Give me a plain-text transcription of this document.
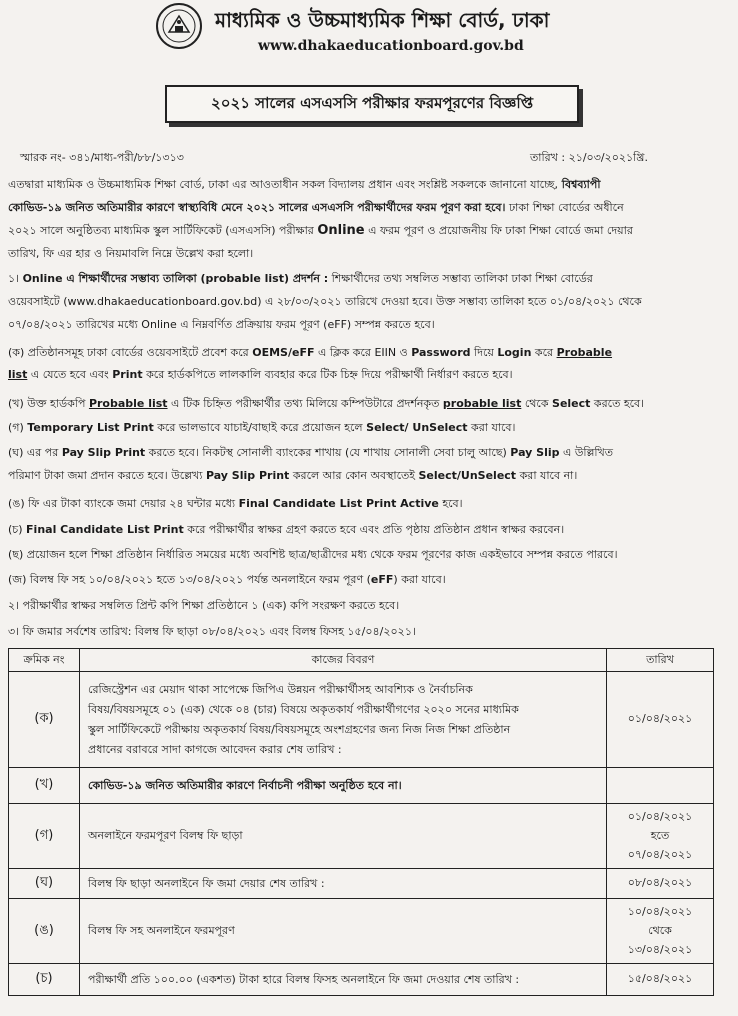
মাধ্যমিক ও উচ্চমাধ্যমিক শিক্ষা বোর্ড, ঢাকা
www.dhakaeducationboard.gov.bd
২০২১ সালের এসএসসি পরীক্ষার ফরমপূরণের বিজ্ঞপ্তি
স্মারক নং- ৩৪১/মাধ্য-পরী/৮৮/১৩১৩	তারিখ : ২১/০৩/২০২১খ্রি.
এতদ্বারা মাধ্যমিক ও উচ্চমাধ্যমিক শিক্ষা বোর্ড, ঢাকা এর আওতাধীন সকল বিদ্যালয় প্রধান এবং সংশ্লিষ্ট সকলকে জানানো যাচ্ছে, বিশ্বব্যাপী
কোভিড-১৯ জনিত অতিমারীর কারণে স্বাস্থ্যবিধি মেনে ২০২১ সালের এসএসসি পরীক্ষার্থীদের ফরম পূরণ করা হবে। ঢাকা শিক্ষা বোর্ডের অধীনে
২০২১ সালে অনুষ্ঠিতব্য মাধ্যমিক স্কুল সার্টিফিকেট (এসএসসি) পরীক্ষার Online এ ফরম পূরণ ও প্রয়োজনীয় ফি ঢাকা শিক্ষা বোর্ডে জমা দেয়ার
তারিখ, ফি এর হার ও নিয়মাবলি নিম্নে উল্লেখ করা হলো।
১। Online এ শিক্ষার্থীদের সম্ভাব্য তালিকা (probable list) প্রদর্শন : শিক্ষার্থীদের তথ্য সম্বলিত সম্ভাব্য তালিকা ঢাকা শিক্ষা বোর্ডের
ওয়েবসাইটে (www.dhakaeducationboard.gov.bd) এ ২৮/০৩/২০২১ তারিখে দেওয়া হবে। উক্ত সম্ভাব্য তালিকা হতে ০১/০৪/২০২১ থেকে
০৭/০৪/২০২১ তারিখের মধ্যে Online এ নিম্নবর্ণিত প্রক্রিয়ায় ফরম পূরণ (eFF) সম্পন্ন করতে হবে।
(ক) প্রতিষ্ঠানসমূহ ঢাকা বোর্ডের ওয়েবসাইটে প্রবেশ করে OEMS/eFF এ ক্লিক করে EIIN ও Password দিয়ে Login করে Probable
list এ যেতে হবে এবং Print করে হার্ডকপিতে লালকালি ব্যবহার করে টিক চিহ্ন দিয়ে পরীক্ষার্থী নির্ধারণ করতে হবে।
(খ) উক্ত হার্ডকপি Probable list এ টিক চিহ্নিত পরীক্ষার্থীর তথ্য মিলিয়ে কম্পিউটারে প্রদর্শনকৃত probable list থেকে Select করতে হবে।
(গ) Temporary List Print করে ভালভাবে যাচাই/বাছাই করে প্রয়োজন হলে Select/ UnSelect করা যাবে।
(ঘ) এর পর Pay Slip Print করতে হবে। নিকটস্থ সোনালী ব্যাংকের শাখায় (যে শাখায় সোনালী সেবা চালু আছে) Pay Slip এ উল্লিখিত
পরিমাণ টাকা জমা প্রদান করতে হবে। উল্লেখ্য Pay Slip Print করলে আর কোন অবস্থাতেই Select/UnSelect করা যাবে না।
(ঙ) ফি এর টাকা ব্যাংকে জমা দেয়ার ২৪ ঘন্টার মধ্যে Final Candidate List Print Active হবে।
(চ) Final Candidate List Print করে পরীক্ষার্থীর স্বাক্ষর গ্রহণ করতে হবে এবং প্রতি পৃষ্ঠায় প্রতিষ্ঠান প্রধান স্বাক্ষর করবেন।
(ছ) প্রয়োজন হলে শিক্ষা প্রতিষ্ঠান নির্ধারিত সময়ের মধ্যে অবশিষ্ট ছাত্র/ছাত্রীদের মধ্য থেকে ফরম পূরণের কাজ একইভাবে সম্পন্ন করতে পারবে।
(জ) বিলম্ব ফি সহ ১০/০৪/২০২১ হতে ১৩/০৪/২০২১ পর্যন্ত অনলাইনে ফরম পূরণ (eFF) করা যাবে।
২। পরীক্ষার্থীর স্বাক্ষর সম্বলিত প্রিন্ট কপি শিক্ষা প্রতিষ্ঠানে ১ (এক) কপি সংরক্ষণ করতে হবে।
৩। ফি জমার সর্বশেষ তারিখ: বিলম্ব ফি ছাড়া ০৮/০৪/২০২১ এবং বিলম্ব ফিসহ ১৫/০৪/২০২১।
ক্রমিক নং	কাজের বিবরণ	তারিখ
(ক)	রেজিস্ট্রেশন এর মেয়াদ থাকা সাপেক্ষে জিপিএ উন্নয়ন পরীক্ষার্থীসহ আবশ্যিক ও নৈর্বাচনিক
বিষয়/বিষয়সমূহে ০১ (এক) থেকে ০৪ (চার) বিষয়ে অকৃতকার্য পরীক্ষার্থীগণের ২০২০ সনের মাধ্যমিক
স্কুল সার্টিফিকেটে পরীক্ষায় অকৃতকার্য বিষয়/বিষয়সমূহে অংশগ্রহণের জন্য নিজ নিজ শিক্ষা প্রতিষ্ঠান
প্রধানের বরাবরে সাদা কাগজে আবেদন করার শেষ তারিখ :	০১/০৪/২০২১

(খ)	কোভিড-১৯ জনিত অতিমারীর কারণে নির্বাচনী পরীক্ষা অনুষ্ঠিত হবে না।	

(গ)	অনলাইনে ফরমপূরণ বিলম্ব ফি ছাড়া	০১/০৪/২০২১
হতে
০৭/০৪/২০২১

(ঘ)	বিলম্ব ফি ছাড়া অনলাইনে ফি জমা দেয়ার শেষ তারিখ :	০৮/০৪/২০২১

(ঙ)	বিলম্ব ফি সহ অনলাইনে ফরমপূরণ	১০/০৪/২০২১
থেকে
১৩/০৪/২০২১

(চ)	পরীক্ষার্থী প্রতি ১০০.০০ (একশত) টাকা হারে বিলম্ব ফিসহ অনলাইনে ফি জমা দেওয়ার শেষ তারিখ :	১৫/০৪/২০২১
